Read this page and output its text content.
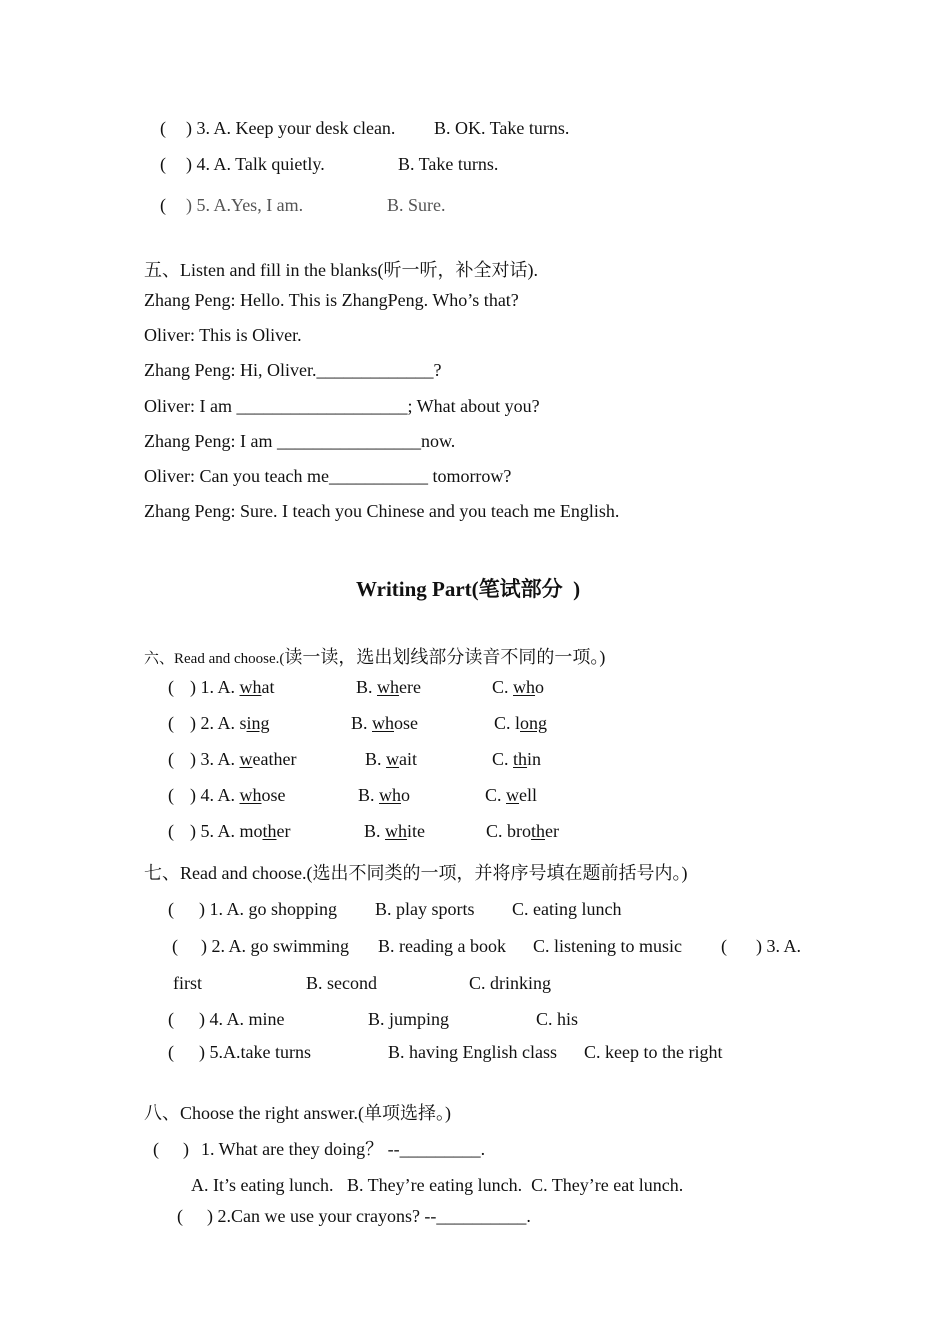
( ) 3. A. Keep your desk clean. B. OK. Take turns.
( ) 4. A. Talk quietly.	B. Take turns.
( ) 5. A.Yes, I am.	B. Sure.
五、Listen and fill in the blanks(听一听，补全对话).
Zhang Peng: Hello. This is ZhangPeng. Who’s that?
Oliver: This is Oliver.
Zhang Peng: Hi, Oliver._____________?
Oliver: I am ___________________; What about you?
Zhang Peng: I am ________________now.
Oliver: Can you teach me___________ tomorrow?
Zhang Peng: Sure. I teach you Chinese and you teach me English.
Writing Part(笔试部分  )
六、Read and choose.(读一读，选出划线部分读音不同的一项。)
( ) 1. A. what	B. where	C. who
( ) 2. A. sing	B. whose	C. long
( ) 3. A. weather	B. wait	C. thin
( ) 4. A. whose	B. who	C. well
( ) 5. A. mother	B. white	C. brother
七、Read and choose.(选出不同类的一项，并将序号填在题前括号内。)
( ) 1. A. go shopping B. play sports C. eating lunch
( ) 2. A. go swimming B. reading a book C. listening to music ( ) 3. A.
first	B. second	C. drinking
( ) 4. A. mine	B. jumping	C. his
( ) 5.A.take turns	B. having English class C. keep to the right
八、Choose the right answer.(单项选择。)
( ) 1. What are they doing？ --_________.
A. It’s eating lunch.   B. They’re eating lunch.  C. They’re eat lunch.
( ) 2.Can we use your crayons? --__________.
